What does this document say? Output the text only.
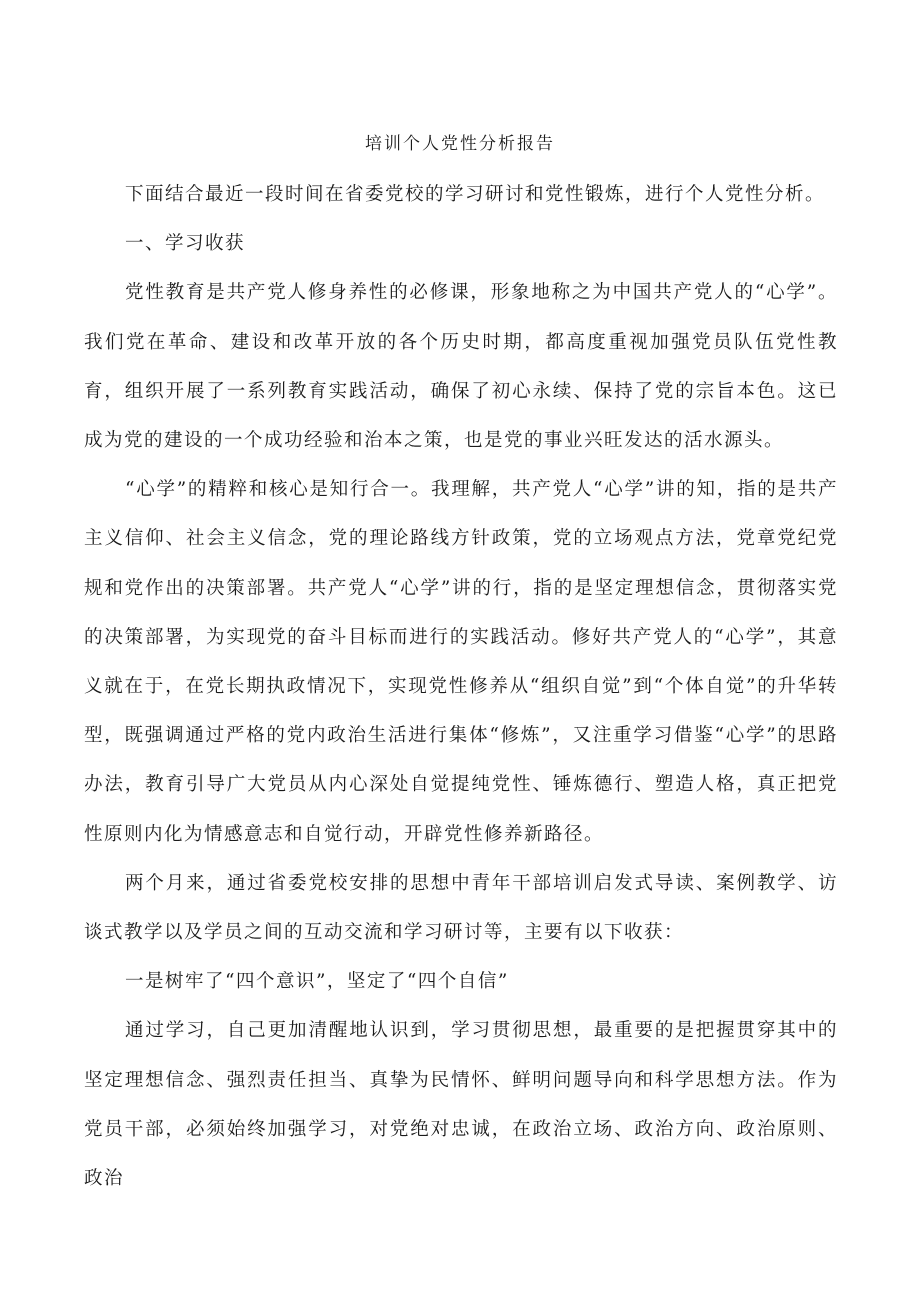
培训个人党性分析报告

下面结合最近一段时间在省委党校的学习研讨和党性锻炼，进行个人党性分析。

一、学习收获

党性教育是共产党人修身养性的必修课，形象地称之为中国共产党人的“心学”。我们党在革命、建设和改革开放的各个历史时期，都高度重视加强党员队伍党性教育，组织开展了一系列教育实践活动，确保了初心永续、保持了党的宗旨本色。这已成为党的建设的一个成功经验和治本之策，也是党的事业兴旺发达的活水源头。

“心学”的精粹和核心是知行合一。我理解，共产党人“心学”讲的知，指的是共产主义信仰、社会主义信念，党的理论路线方针政策，党的立场观点方法，党章党纪党规和党作出的决策部署。共产党人“心学”讲的行，指的是坚定理想信念，贯彻落实党的决策部署，为实现党的奋斗目标而进行的实践活动。修好共产党人的“心学”，其意义就在于，在党长期执政情况下，实现党性修养从“组织自觉”到“个体自觉”的升华转型，既强调通过严格的党内政治生活进行集体“修炼”，又注重学习借鉴“心学”的思路办法，教育引导广大党员从内心深处自觉提纯党性、锤炼德行、塑造人格，真正把党性原则内化为情感意志和自觉行动，开辟党性修养新路径。

两个月来，通过省委党校安排的思想中青年干部培训启发式导读、案例教学、访谈式教学以及学员之间的互动交流和学习研讨等，主要有以下收获：

一是树牢了“四个意识”，坚定了“四个自信”

通过学习，自己更加清醒地认识到，学习贯彻思想，最重要的是把握贯穿其中的坚定理想信念、强烈责任担当、真挚为民情怀、鲜明问题导向和科学思想方法。作为党员干部，必须始终加强学习，对党绝对忠诚，在政治立场、政治方向、政治原则、政治
